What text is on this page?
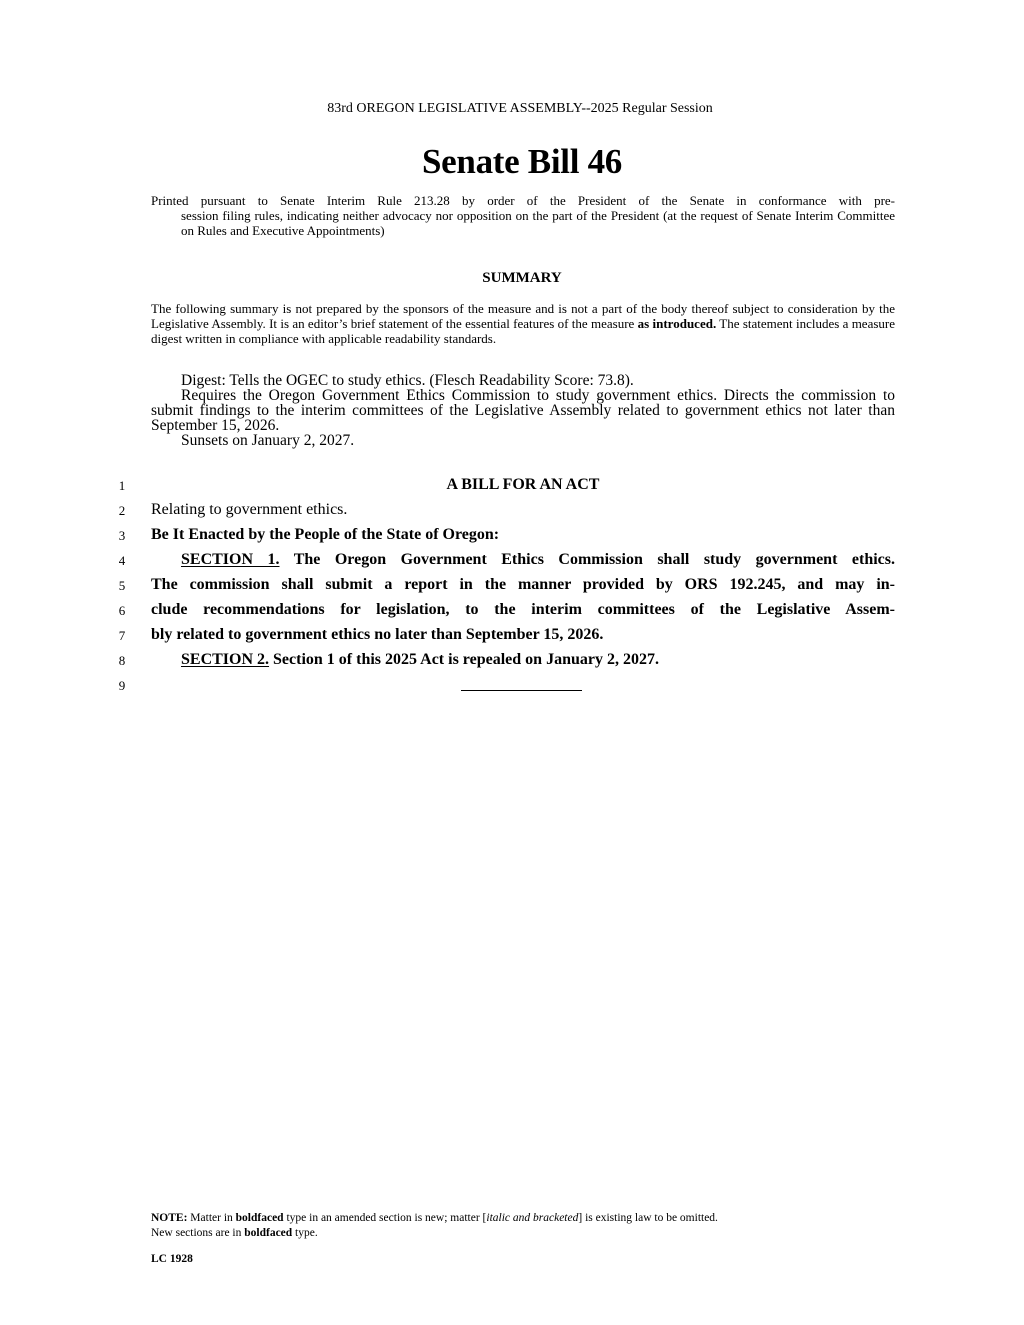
83rd OREGON LEGISLATIVE ASSEMBLY--2025 Regular Session
Senate Bill 46
Printed pursuant to Senate Interim Rule 213.28 by order of the President of the Senate in conformance with pre-
session filing rules, indicating neither advocacy nor opposition on the part of the President (at the request of Senate Interim Committee on Rules and Executive Appointments)
SUMMARY
The following summary is not prepared by the sponsors of the measure and is not a part of the body thereof subject to consideration by the Legislative Assembly. It is an editor’s brief statement of the essential features of the measure as introduced. The statement includes a measure digest written in compliance with applicable readability standards.

Digest: Tells the OGEC to study ethics. (Flesch Readability Score: 73.8).

Requires the Oregon Government Ethics Commission to study government ethics. Directs the commission to submit findings to the interim committees of the Legislative Assembly related to government ethics not later than September 15, 2026.

Sunsets on January 2, 2027.

1
2
3
4
5
6
7
8
9
A BILL FOR AN ACT
Relating to government ethics.
Be It Enacted by the People of the State of Oregon:
SECTION 1. The Oregon Government Ethics Commission shall study government ethics.
The commission shall submit a report in the manner provided by ORS 192.245, and may in-
clude recommendations for legislation, to the interim committees of the Legislative Assem-
bly related to government ethics no later than September 15, 2026.
SECTION 2. Section 1 of this 2025 Act is repealed on January 2, 2027.

NOTE: Matter in boldfaced type in an amended section is new; matter [italic and bracketed] is existing law to be omitted.

New sections are in boldfaced type.

LC 1928
